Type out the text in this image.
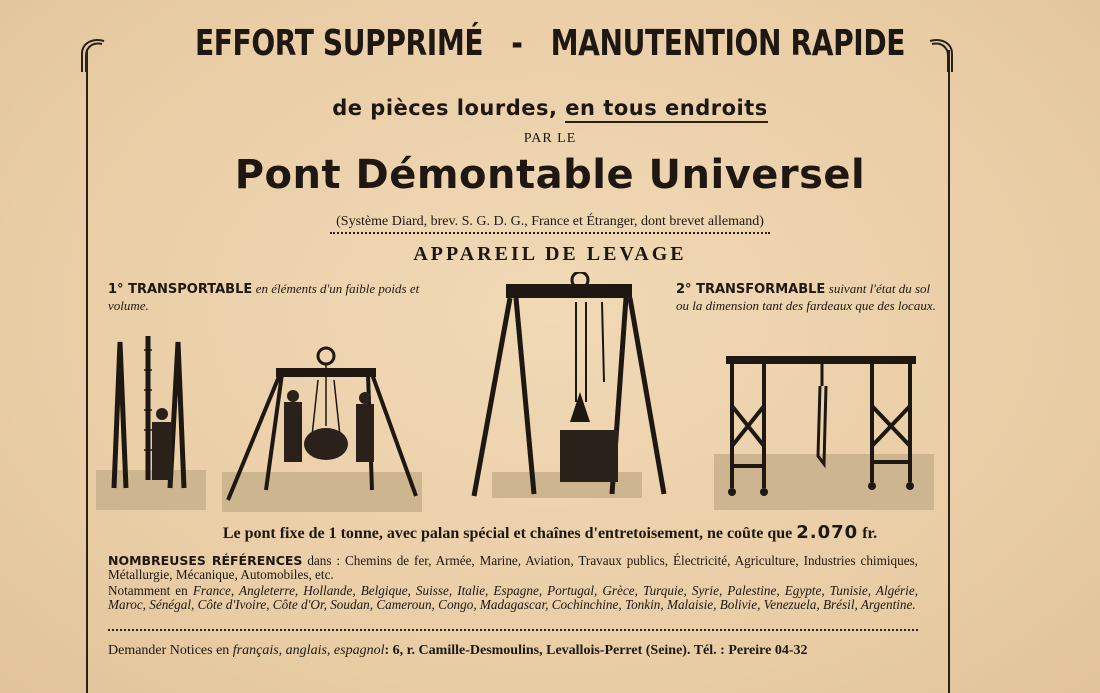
EFFORT SUPPRIMÉ - MANUTENTION RAPIDE
de pièces lourdes, en tous endroits
PAR LE
Pont Démontable Universel
(Système Diard, brev. S. G. D. G., France et Étranger, dont brevet allemand)
APPAREIL DE LEVAGE
1° TRANSPORTABLE en éléments d'un faible poids et volume.
2° TRANSFORMABLE suivant l'état du sol ou la dimension tant des fardeaux que des locaux.
Le pont fixe de 1 tonne, avec palan spécial et chaînes d'entretoisement, ne coûte que 2.070 fr.
NOMBREUSES RÉFÉRENCES dans : Chemins de fer, Armée, Marine, Aviation, Travaux publics, Électricité, Agriculture, Industries chimiques, Métallurgie, Mécanique, Automobiles, etc.
Notamment en France, Angleterre, Hollande, Belgique, Suisse, Italie, Espagne, Portugal, Grèce, Turquie, Syrie, Palestine, Egypte, Tunisie, Algérie, Maroc, Sénégal, Côte d'Ivoire, Côte d'Or, Soudan, Cameroun, Congo, Madagascar, Cochinchine, Tonkin, Malaisie, Bolivie, Venezuela, Brésil, Argentine.
Demander Notices en français, anglais, espagnol: 6, r. Camille-Desmoulins, Levallois-Perret (Seine). Tél. : Pereire 04-32
